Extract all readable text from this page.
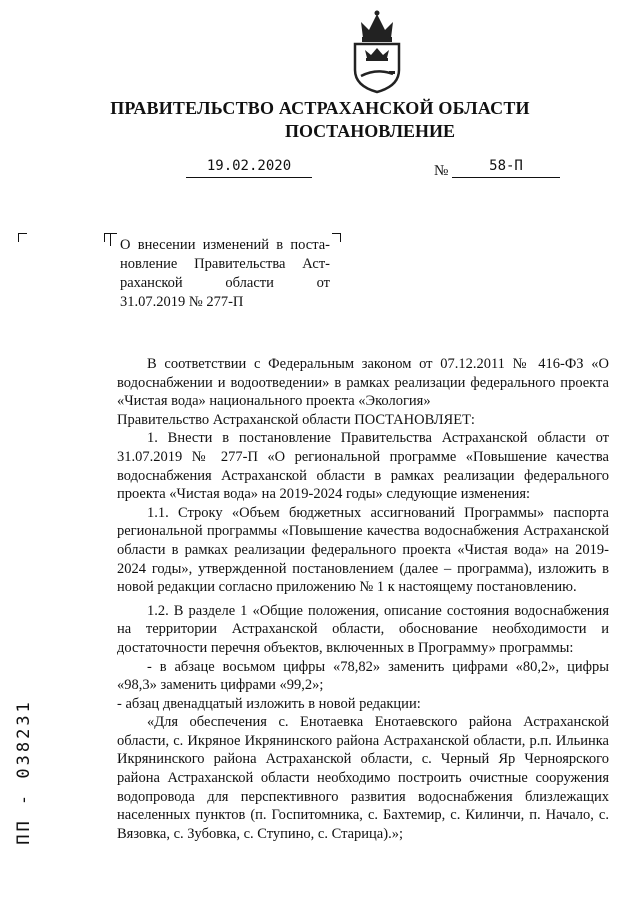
ПРАВИТЕЛЬСТВО АСТРАХАНСКОЙ ОБЛАСТИ
ПОСТАНОВЛЕНИЕ
19.02.2020	№	58-П
О внесении изменений в поста-
новление Правительства Аст-
раханской области от
31.07.2019 № 277-П

В соответствии с Федеральным законом от 07.12.2011 № 416-ФЗ «О водоснабжении и водоотведении» в рамках реализации федерального проекта «Чистая вода» национального проекта «Экология»

Правительство Астраханской области ПОСТАНОВЛЯЕТ:

1. Внести в постановление Правительства Астраханской области от 31.07.2019 № 277-П «О региональной программе «Повышение качества водоснабжения Астраханской области в рамках реализации федерального проекта «Чистая вода» на 2019-2024 годы» следующие изменения:

1.1. Строку «Объем бюджетных ассигнований Программы» паспорта региональной программы «Повышение качества водоснабжения Астраханской области в рамках реализации федерального проекта «Чистая вода» на 2019-2024 годы», утвержденной постановлением (далее – программа), изложить в новой редакции согласно приложению № 1 к настоящему постановлению.

1.2. В разделе 1 «Общие положения, описание состояния водоснабжения на территории Астраханской области, обоснование необходимости и достаточности перечня объектов, включенных в Программу» программы:

- в абзаце восьмом цифры «78,82» заменить цифрами «80,2», цифры «98,3» заменить цифрами «99,2»;

- абзац двенадцатый изложить в новой редакции:

«Для обеспечения с. Енотаевка Енотаевского района Астраханской области, с. Икряное Икрянинского района Астраханской области, р.п. Ильинка Икрянинского района Астраханской области, с. Черный Яр Черноярского района Астраханской области необходимо построить очистные сооружения водопровода для перспективного развития водоснабжения близлежащих населенных пунктов (п. Госпитомника, с. Бахтемир, с. Килинчи, п. Начало, с. Вязовка, с. Зубовка, с. Ступино, с. Старица).»;

ПП - 038231
